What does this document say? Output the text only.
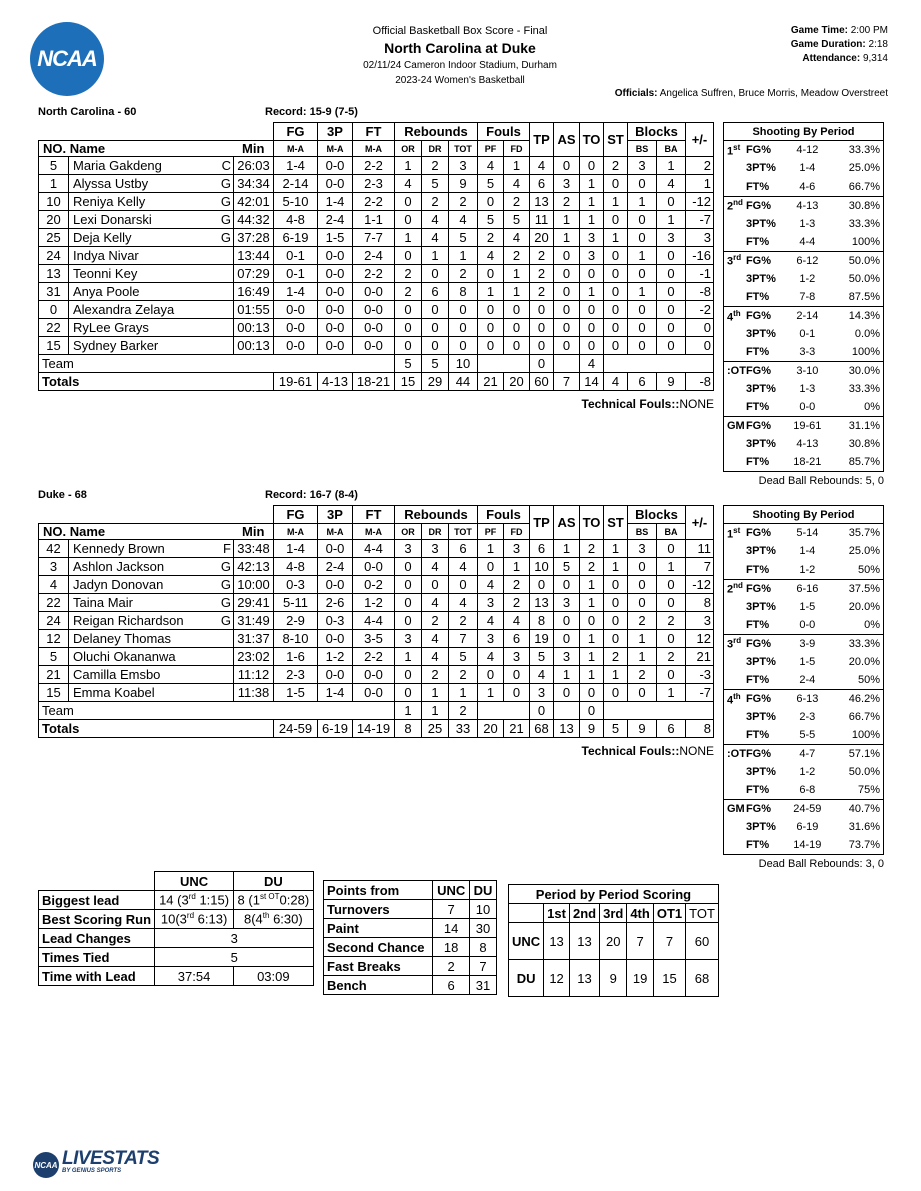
NCAA
Official Basketball Box Score - Final
North Carolina at Duke
02/11/24 Cameron Indoor Stadium, Durham
2023-24 Women's Basketball
Game Time: 2:00 PM
Game Duration: 2:18
Attendance: 9,314
Officials: Angelica Suffren, Bruce Morris, Meadow Overstreet
North Carolina - 60	Record: 15-9 (7-5)
				FG	3P	FT	Rebounds			Fouls		TP	AS	TO	ST	Blocks		+/-
NO. Name			Min	M-A	M-A	M-A	OR	DR	TOT	PF	FD					BS	BA	
5	Maria Gakdeng	C	26:03	1-4	0-0	2-2	1	2	3	4	1	4	0	0	2	3	1	2
1	Alyssa Ustby	G	34:34	2-14	0-0	2-3	4	5	9	5	4	6	3	1	0	0	4	1
10	Reniya Kelly	G	42:01	5-10	1-4	2-2	0	2	2	0	2	13	2	1	1	1	0	-12
20	Lexi Donarski	G	44:32	4-8	2-4	1-1	0	4	4	5	5	11	1	1	0	0	1	-7
25	Deja Kelly	G	37:28	6-19	1-5	7-7	1	4	5	2	4	20	1	3	1	0	3	3
24	Indya Nivar		13:44	0-1	0-0	2-4	0	1	1	4	2	2	0	3	0	1	0	-16
13	Teonni Key		07:29	0-1	0-0	2-2	2	0	2	0	1	2	0	0	0	0	0	-1
31	Anya Poole		16:49	1-4	0-0	0-0	2	6	8	1	1	2	0	1	0	1	0	-8
0	Alexandra Zelaya		01:55	0-0	0-0	0-0	0	0	0	0	0	0	0	0	0	0	0	-2
22	RyLee Grays		00:13	0-0	0-0	0-0	0	0	0	0	0	0	0	0	0	0	0	0
15	Sydney Barker		00:13	0-0	0-0	0-0	0	0	0	0	0	0	0	0	0	0	0	0
Team							5	5	10			0		4				
Totals				19-61	4-13	18-21	15	29	44	21	20	60	7	14	4	6	9	-8
Technical Fouls::NONE
Shooting By Period			
1st	FG%	4-12	33.3%
	3PT%	1-4	25.0%
	FT%	4-6	66.7%
2nd	FG%	4-13	30.8%
	3PT%	1-3	33.3%
	FT%	4-4	100%
3rd	FG%	6-12	50.0%
	3PT%	1-2	50.0%
	FT%	7-8	87.5%
4th	FG%	2-14	14.3%
	3PT%	0-1	0.0%
	FT%	3-3	100%
:OT	FG%	3-10	30.0%
	3PT%	1-3	33.3%
	FT%	0-0	0%
GM	FG%	19-61	31.1%
	3PT%	4-13	30.8%
	FT%	18-21	85.7%
Dead Ball Rebounds: 5, 0
Duke - 68	Record: 16-7 (8-4)
				FG	3P	FT	Rebounds			Fouls		TP	AS	TO	ST	Blocks		+/-
NO. Name			Min	M-A	M-A	M-A	OR	DR	TOT	PF	FD					BS	BA	
42	Kennedy Brown	F	33:48	1-4	0-0	4-4	3	3	6	1	3	6	1	2	1	3	0	11
3	Ashlon Jackson	G	42:13	4-8	2-4	0-0	0	4	4	0	1	10	5	2	1	0	1	7
4	Jadyn Donovan	G	10:00	0-3	0-0	0-2	0	0	0	4	2	0	0	1	0	0	0	-12
22	Taina Mair	G	29:41	5-11	2-6	1-2	0	4	4	3	2	13	3	1	0	0	0	8
24	Reigan Richardson	G	31:49	2-9	0-3	4-4	0	2	2	4	4	8	0	0	0	2	2	3
12	Delaney Thomas		31:37	8-10	0-0	3-5	3	4	7	3	6	19	0	1	0	1	0	12
5	Oluchi Okananwa		23:02	1-6	1-2	2-2	1	4	5	4	3	5	3	1	2	1	2	21
21	Camilla Emsbo		11:12	2-3	0-0	0-0	0	2	2	0	0	4	1	1	1	2	0	-3
15	Emma Koabel		11:38	1-5	1-4	0-0	0	1	1	1	0	3	0	0	0	0	1	-7
Team							1	1	2			0		0				
Totals				24-59	6-19	14-19	8	25	33	20	21	68	13	9	5	9	6	8
Technical Fouls::NONE
Shooting By Period			
1st	FG%	5-14	35.7%
	3PT%	1-4	25.0%
	FT%	1-2	50%
2nd	FG%	6-16	37.5%
	3PT%	1-5	20.0%
	FT%	0-0	0%
3rd	FG%	3-9	33.3%
	3PT%	1-5	20.0%
	FT%	2-4	50%
4th	FG%	6-13	46.2%
	3PT%	2-3	66.7%
	FT%	5-5	100%
:OT	FG%	4-7	57.1%
	3PT%	1-2	50.0%
	FT%	6-8	75%
GM	FG%	24-59	40.7%
	3PT%	6-19	31.6%
	FT%	14-19	73.7%
Dead Ball Rebounds: 3, 0
	UNC	DU
Biggest lead	14 (3rd 1:15)	8 $(1^{st OT}0:28)$
Best Scoring Run	10(3rd 6:13)	8(4th 6:30)
Lead Changes	3	
Times Tied	5	
Time with Lead	37:54	03:09
Points from	UNC	DU
Turnovers	7	10
Paint	14	30
Second Chance	18	8
Fast Breaks	2	7
Bench	6	31
Period by Period Scoring						
	1st	2nd	3rd	4th	OT1	TOT
UNC	13	13	20	7	7	60
DU	12	13	9	19	15	68
NCAA LIVESTATS
BY GENIUS SPORTS
